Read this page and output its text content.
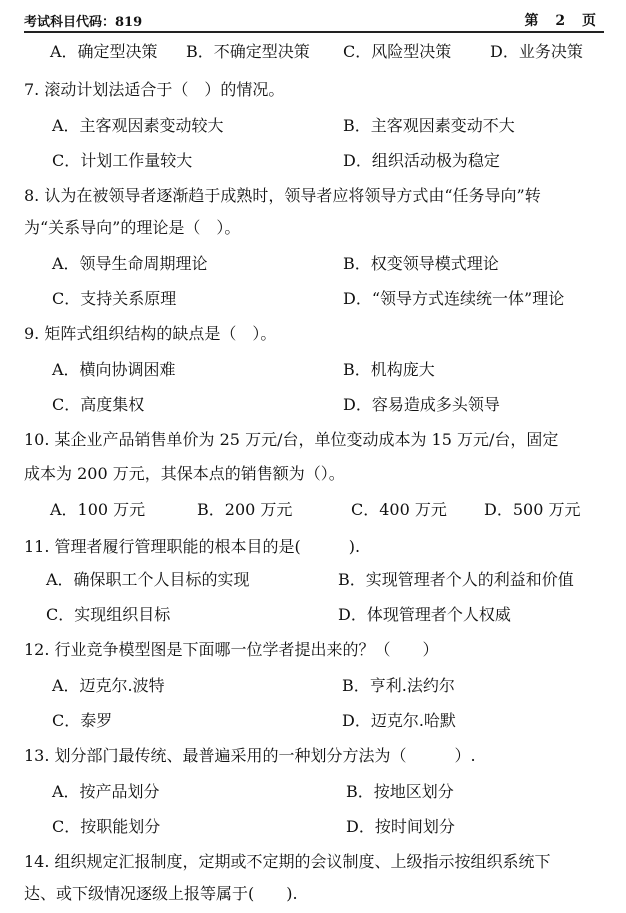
考试科目代码：819	第 2 页
A．确定型决策 B．不确定型决策 C．风险型决策 D．业务决策
7. 滚动计划法适合于（　）的情况。
A．主客观因素变动较大	B．主客观因素变动不大
C．计划工作量较大	D．组织活动极为稳定
8. 认为在被领导者逐渐趋于成熟时，领导者应将领导方式由“任务导向”转
为“关系导向”的理论是（　）。
A．领导生命周期理论	B．权变领导模式理论
C．支持关系原理	D．“领导方式连续统一体”理论
9. 矩阵式组织结构的缺点是（　）。
A．横向协调困难	B．机构庞大
C．高度集权	D．容易造成多头领导
10. 某企业产品销售单价为 25 万元/台，单位变动成本为 15 万元/台，固定
成本为 200 万元，其保本点的销售额为（）。
A．100 万元	B．200 万元	C．400 万元 D．500 万元
11. 管理者履行管理职能的根本目的是(　　　).
A．确保职工个人目标的实现	B．实现管理者个人的利益和价值
C．实现组织目标	D．体现管理者个人权威
12. 行业竞争模型图是下面哪一位学者提出来的？（　　）
A．迈克尔.波特	B．亨利.法约尔
C．泰罗	D．迈克尔.哈默
13. 划分部门最传统、最普遍采用的一种划分方法为（　　　）.
A．按产品划分	B．按地区划分
C．按职能划分	D．按时间划分
14. 组织规定汇报制度，定期或不定期的会议制度、上级指示按组织系统下
达、或下级情况逐级上报等属于(　　).
